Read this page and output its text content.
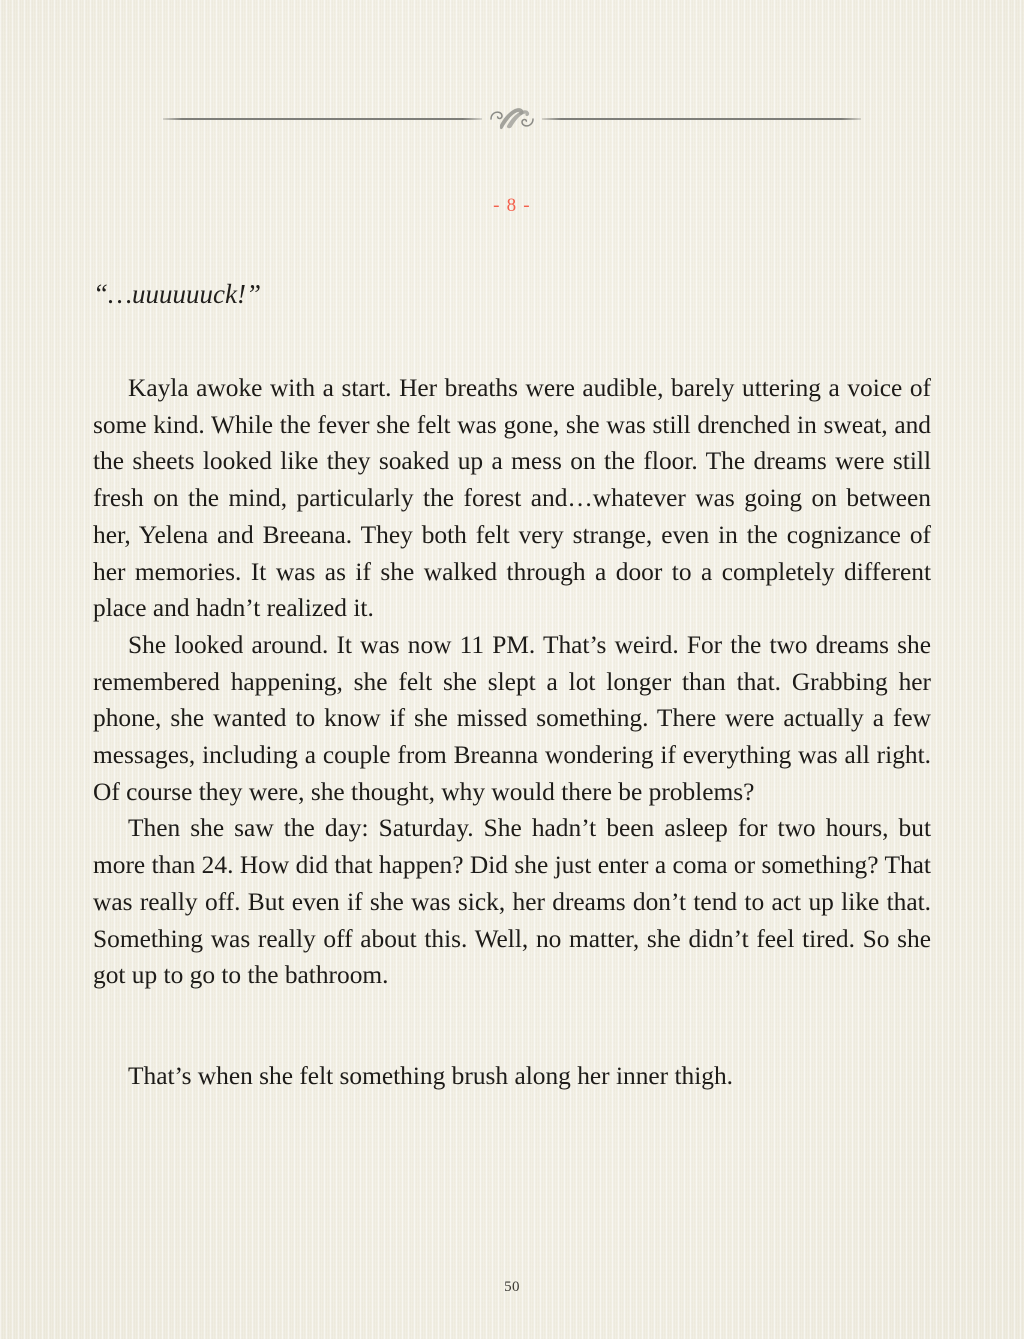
- 8 -
“…uuuuuuck!”

Kayla awoke with a start. Her breaths were audible, barely uttering a voice of some kind. While the fever she felt was gone, she was still drenched in sweat, and the sheets looked like they soaked up a mess on the floor. The dreams were still fresh on the mind, particularly the forest and…whatever was going on between her, Yelena and Breeana. They both felt very strange, even in the cognizance of her memories. It was as if she walked through a door to a completely different place and hadn’t realized it.

She looked around. It was now 11 PM. That’s weird. For the two dreams she remembered happening, she felt she slept a lot longer than that. Grabbing her phone, she wanted to know if she missed something. There were actually a few messages, including a couple from Breanna wondering if everything was all right. Of course they were, she thought, why would there be problems?

Then she saw the day: Saturday. She hadn’t been asleep for two hours, but more than 24. How did that happen? Did she just enter a coma or something? That was really off. But even if she was sick, her dreams don’t tend to act up like that. Something was really off about this. Well, no matter, she didn’t feel tired. So she got up to go to the bathroom.

That’s when she felt something brush along her inner thigh.

50
